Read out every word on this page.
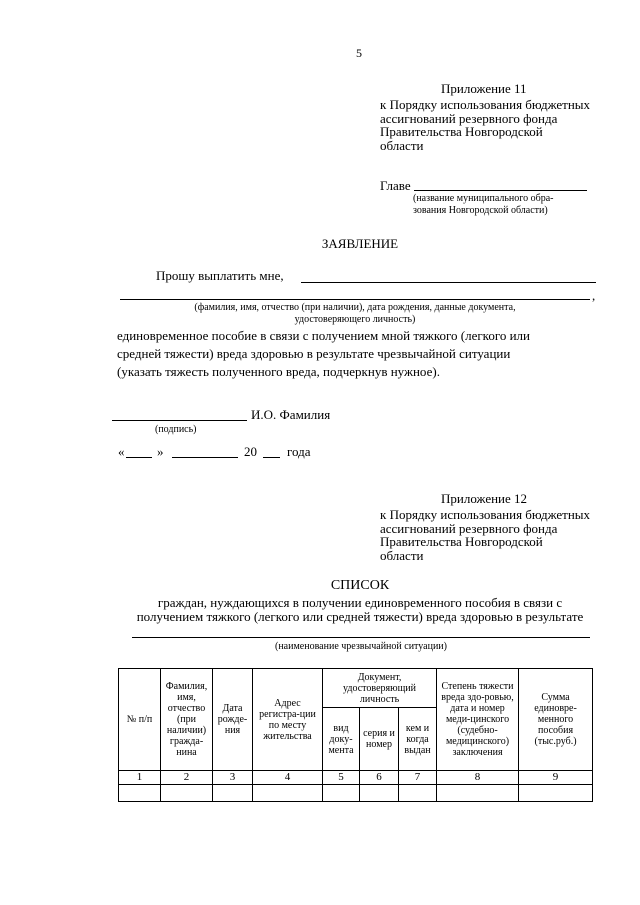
5
Приложение 11
к Порядку использования бюджетных
ассигнований резервного фонда
Правительства Новгородской
области
Главе
(название муниципального обра-
зования Новгородской области)
ЗАЯВЛЕНИЕ
Прошу выплатить мне,
,
(фамилия, имя, отчество (при наличии), дата рождения, данные документа,
удостоверяющего личность)
единовременное пособие в связи с получением мной тяжкого (легкого или
средней тяжести) вреда здоровью в результате чрезвычайной ситуации
(указать тяжесть полученного вреда, подчеркнув нужное).
И.О. Фамилия
(подпись)
«	»	20 года
Приложение 12
к Порядку использования бюджетных
ассигнований резервного фонда
Правительства Новгородской
области
СПИСОК
граждан, нуждающихся в получении единовременного пособия в связи с
получением тяжкого (легкого или средней тяжести) вреда здоровью в результате
(наименование чрезвычайной ситуации)
№ п/п	Фамилия, имя, отчество (при наличии) граждa-нина	Дата рожде-ния	Адрес регистра-ции по месту жительства	Документ, удостоверяющий личность			Степень тяжести вреда здо-ровью, дата и номер меди-цинского (судебно-медицинского) заключения	Сумма единовре-менного пособия (тыс.руб.)
				вид доку-мента	серия и номер	кем и когда выдан		
1	2	3	4	5	6	7	8	9
